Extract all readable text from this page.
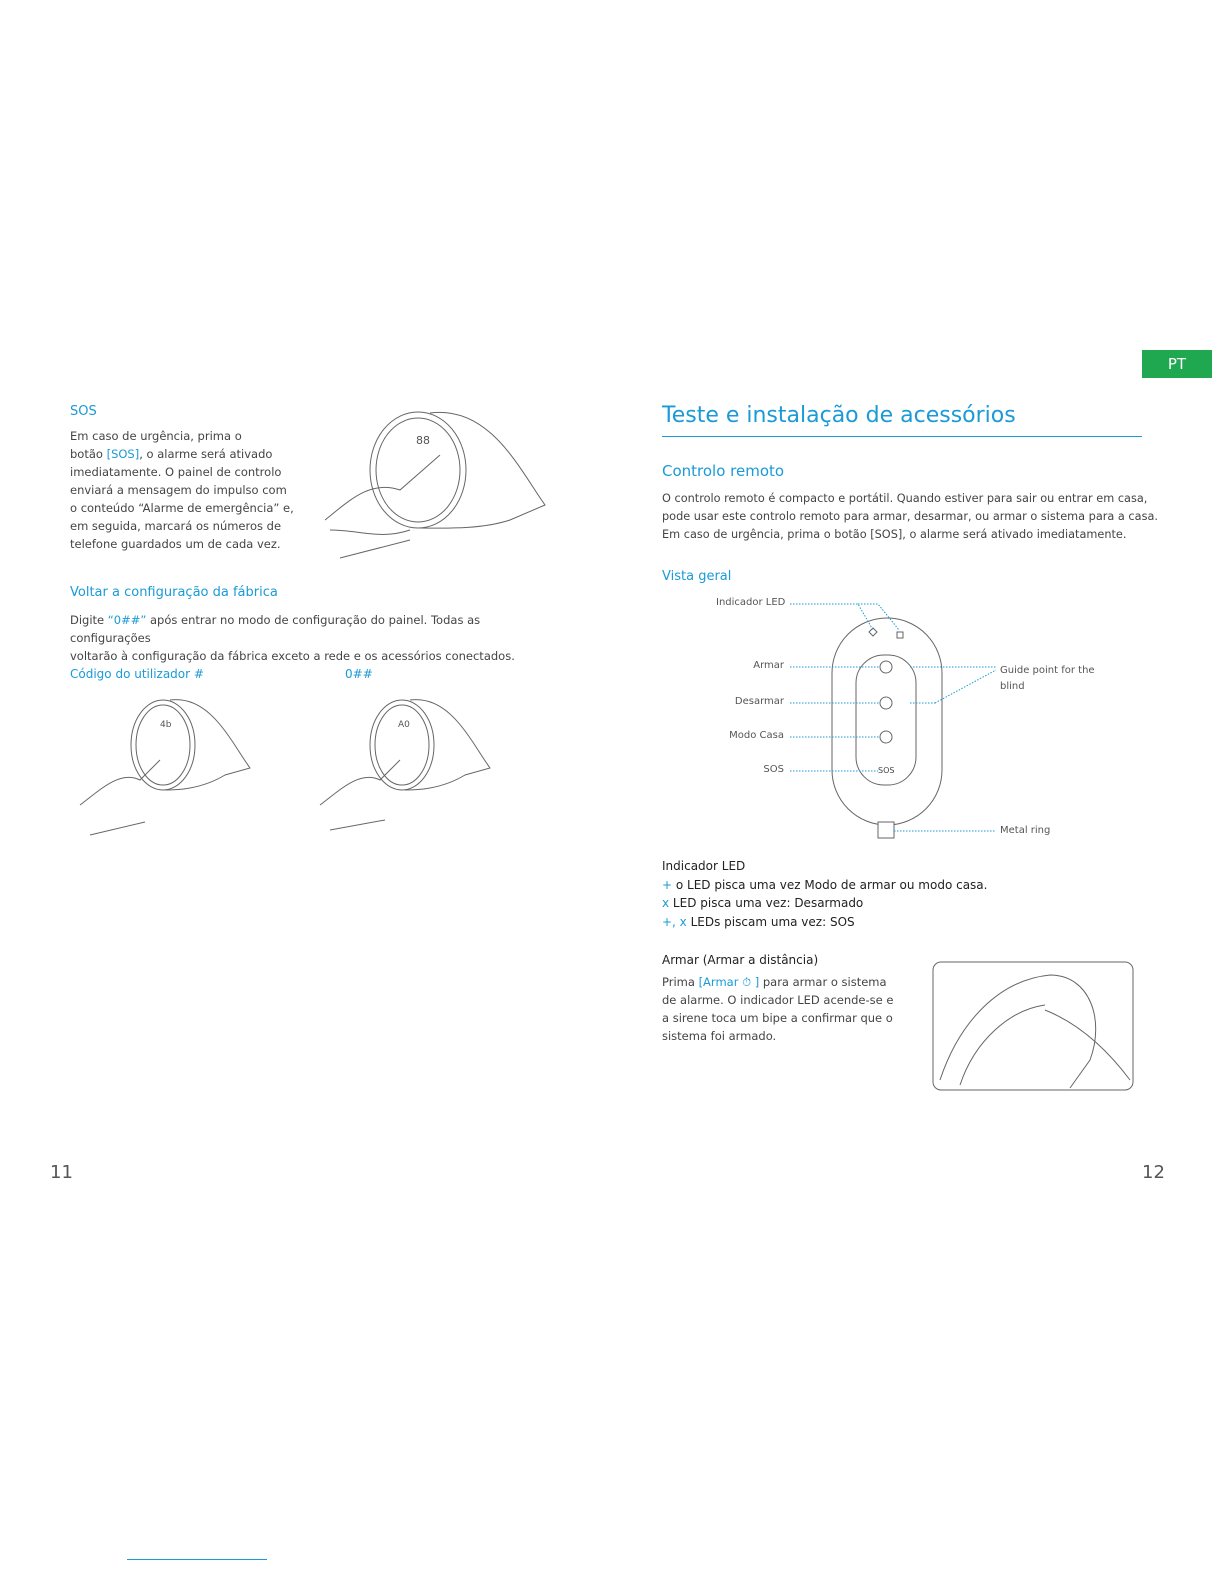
SOS
Em caso de urgência, prima o
botão [SOS], o alarme será ativado
imediatamente. O painel de controlo
enviará a mensagem do impulso com
o conteúdo “Alarme de emergência” e,
em seguida, marcará os números de
telefone guardados um de cada vez.
88
4b	A0
Voltar a configuração da fábrica
Digite “0##” após entrar no modo de configuração do painel. Todas as configurações
voltarão à configuração da fábrica exceto a rede e os acessórios conectados.
Código do utilizador #	0##
11
PT
Teste e instalação de acessórios
Controlo remoto
O controlo remoto é compacto e portátil. Quando estiver para sair ou entrar em casa,
pode usar este controlo remoto para armar, desarmar, ou armar o sistema para a casa.
Em caso de urgência, prima o botão [SOS], o alarme será ativado imediatamente.
Vista geral
Indicador LED
Armar
Desarmar
Modo Casa
SOS	SOS
Guide point for the
blind
Metal ring
Indicador LED
+ o LED pisca uma vez Modo de armar ou modo casa.
x LED pisca uma vez: Desarmado
+, x LEDs piscam uma vez: SOS
Armar (Armar a distância)
Prima [Armar ⏱ ] para armar o sistema
de alarme. O indicador LED acende-se e
a sirene toca um bipe a confirmar que o
sistema foi armado.
12
